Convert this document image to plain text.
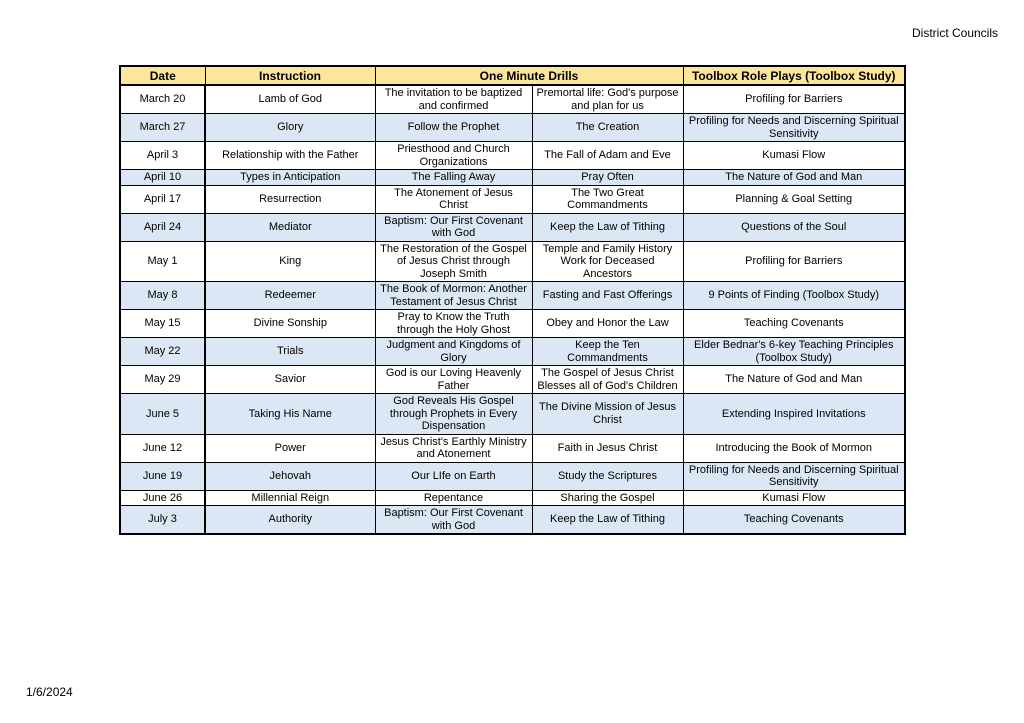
District Councils
Date	Instruction	One Minute Drills		Toolbox Role Plays (Toolbox Study)
March 20	Lamb of God	The invitation to be baptized and confirmed	Premortal life: God's purpose and plan for us	Profiling for Barriers
March 27	Glory	Follow the Prophet	The Creation	Profiling for Needs and Discerning Spiritual Sensitivity
April 3	Relationship with the Father	Priesthood and Church Organizations	The Fall of Adam and Eve	Kumasi Flow
April 10	Types in Anticipation	The Falling Away	Pray Often	The Nature of God and Man
April 17	Resurrection	The Atonement of Jesus Christ	The Two Great Commandments	Planning & Goal Setting
April 24	Mediator	Baptism: Our First Covenant with God	Keep the Law of Tithing	Questions of the Soul
May 1	King	The Restoration of the Gospel of Jesus Christ through Joseph Smith	Temple and Family History Work for Deceased Ancestors	Profiling for Barriers
May 8	Redeemer	The Book of Mormon: Another Testament of Jesus Christ	Fasting and Fast Offerings	9 Points of Finding (Toolbox Study)
May 15	Divine Sonship	Pray to Know the Truth through the Holy Ghost	Obey and Honor the Law	Teaching Covenants
May 22	Trials	Judgment and Kingdoms of Glory	Keep the Ten Commandments	Elder Bednar's 6-key Teaching Principles (Toolbox Study)
May 29	Savior	God is our Loving Heavenly Father	The Gospel of Jesus Christ Blesses all of God's Children	The Nature of God and Man
June 5	Taking His Name	God Reveals His Gospel through Prophets in Every Dispensation	The Divine Mission of Jesus Christ	Extending Inspired Invitations
June 12	Power	Jesus Christ's Earthly Ministry and Atonement	Faith in Jesus Christ	Introducing the Book of Mormon
June 19	Jehovah	Our LIfe on Earth	Study the Scriptures	Profiling for Needs and Discerning Spiritual Sensitivity
June 26	Millennial Reign	Repentance	Sharing the Gospel	Kumasi Flow
July 3	Authority	Baptism: Our First Covenant with God	Keep the Law of Tithing	Teaching Covenants
1/6/2024
